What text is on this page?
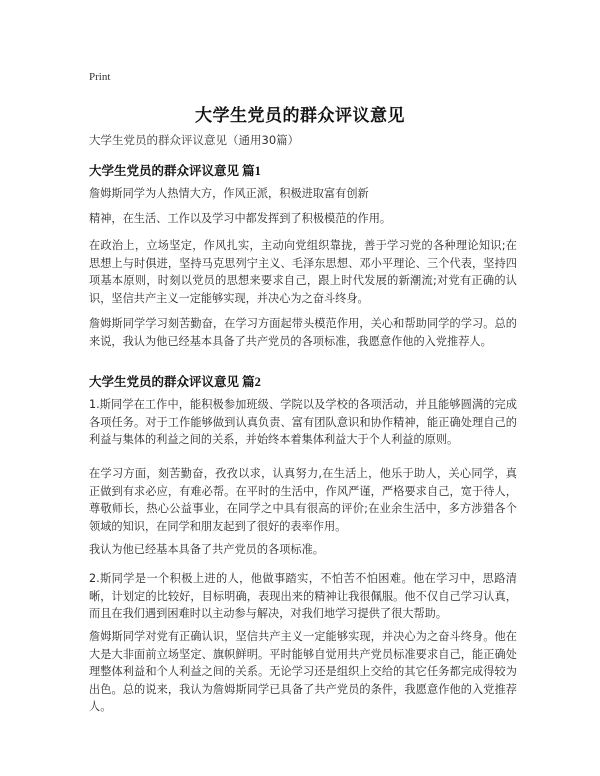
Print
大学生党员的群众评议意见
大学生党员的群众评议意见（通用30篇）
大学生党员的群众评议意见 篇1
詹姆斯同学为人热情大方，作风正派，积极进取富有创新
精神，在生活、工作以及学习中都发挥到了积极模范的作用。
在政治上，立场坚定，作风扎实，主动向党组织靠拢，善于学习党的各种理论知识;在思想上与时俱进，坚持马克思列宁主义、毛泽东思想、邓小平理论、三个代表，坚持四项基本原则，时刻以党员的思想来要求自己，跟上时代发展的新潮流;对党有正确的认识，坚信共产主义一定能够实现，并决心为之奋斗终身。
詹姆斯同学学习刻苦勤奋，在学习方面起带头模范作用，关心和帮助同学的学习。总的来说，我认为他已经基本具备了共产党员的各项标准，我愿意作他的入党推荐人。
大学生党员的群众评议意见 篇2
1.斯同学在工作中，能积极参加班级、学院以及学校的各项活动，并且能够圆满的完成各项任务。对于工作能够做到认真负责、富有团队意识和协作精神，能正确处理自己的利益与集体的利益之间的关系，并始终本着集体利益大于个人利益的原则。
在学习方面，刻苦勤奋，孜孜以求，认真努力,在生活上，他乐于助人，关心同学，真正做到有求必应，有难必帮。在平时的生活中，作风严谨，严格要求自己，宽于待人，尊敬师长，热心公益事业，在同学之中具有很高的评价;在业余生活中，多方涉猎各个领域的知识，在同学和朋友起到了很好的表率作用。
我认为他已经基本具备了共产党员的各项标准。
2.斯同学是一个积极上进的人，他做事踏实，不怕苦不怕困难。他在学习中，思路清晰，计划定的比较好，目标明确，表现出来的精神让我很佩服。他不仅自己学习认真，而且在我们遇到困难时以主动参与解决，对我们地学习提供了很大帮助。
詹姆斯同学对党有正确认识，坚信共产主义一定能够实现，并决心为之奋斗终身。他在大是大非面前立场坚定、旗帜鲜明。平时能够自觉用共产党员标准要求自己，能正确处理整体利益和个人利益之间的关系。无论学习还是组织上交给的其它任务都完成得较为出色。总的说来，我认为詹姆斯同学已具备了共产党员的条件，我愿意作他的入党推荐人。
